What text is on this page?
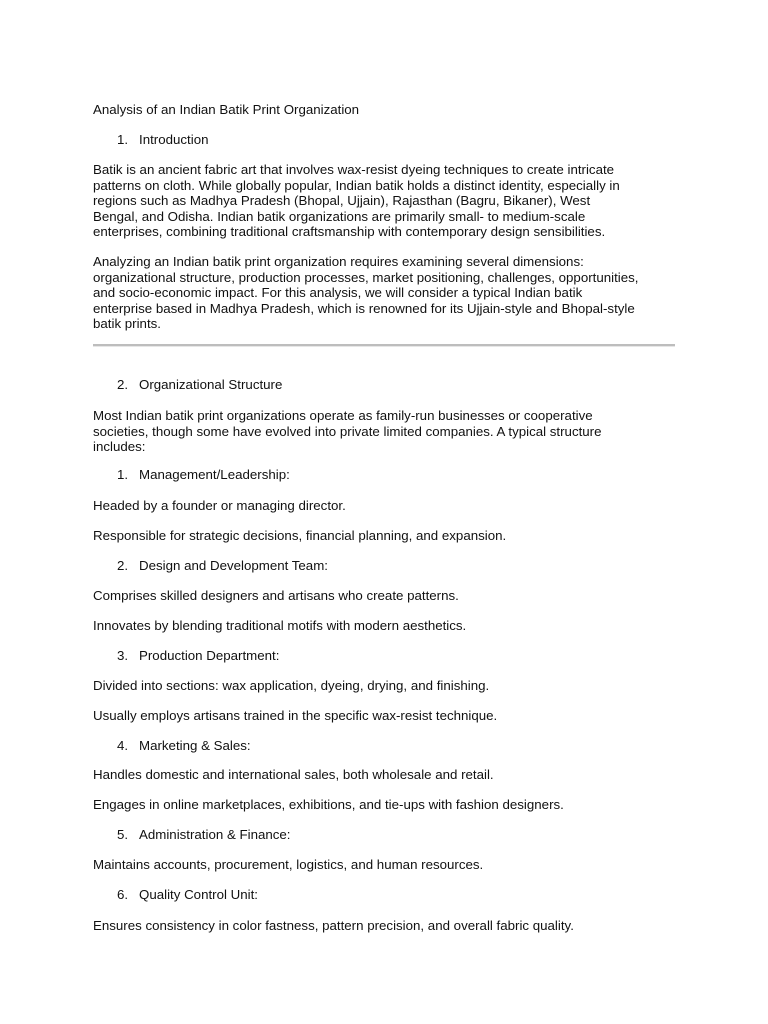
Analysis of an Indian Batik Print Organization

1. Introduction
Batik is an ancient fabric art that involves wax-resist dyeing techniques to create intricate
patterns on cloth. While globally popular, Indian batik holds a distinct identity, especially in
regions such as Madhya Pradesh (Bhopal, Ujjain), Rajasthan (Bagru, Bikaner), West
Bengal, and Odisha. Indian batik organizations are primarily small- to medium-scale
enterprises, combining traditional craftsmanship with contemporary design sensibilities.
Analyzing an Indian batik print organization requires examining several dimensions:
organizational structure, production processes, market positioning, challenges, opportunities,
and socio-economic impact. For this analysis, we will consider a typical Indian batik
enterprise based in Madhya Pradesh, which is renowned for its Ujjain-style and Bhopal-style
batik prints.
2. Organizational Structure
Most Indian batik print organizations operate as family-run businesses or cooperative
societies, though some have evolved into private limited companies. A typical structure
includes:
1. Management/Leadership:

Headed by a founder or managing director.

Responsible for strategic decisions, financial planning, and expansion.

2. Design and Development Team:

Comprises skilled designers and artisans who create patterns.

Innovates by blending traditional motifs with modern aesthetics.

3. Production Department:

Divided into sections: wax application, dyeing, drying, and finishing.

Usually employs artisans trained in the specific wax-resist technique.

4. Marketing & Sales:

Handles domestic and international sales, both wholesale and retail.

Engages in online marketplaces, exhibitions, and tie-ups with fashion designers.

5. Administration & Finance:

Maintains accounts, procurement, logistics, and human resources.

6. Quality Control Unit:

Ensures consistency in color fastness, pattern precision, and overall fabric quality.
